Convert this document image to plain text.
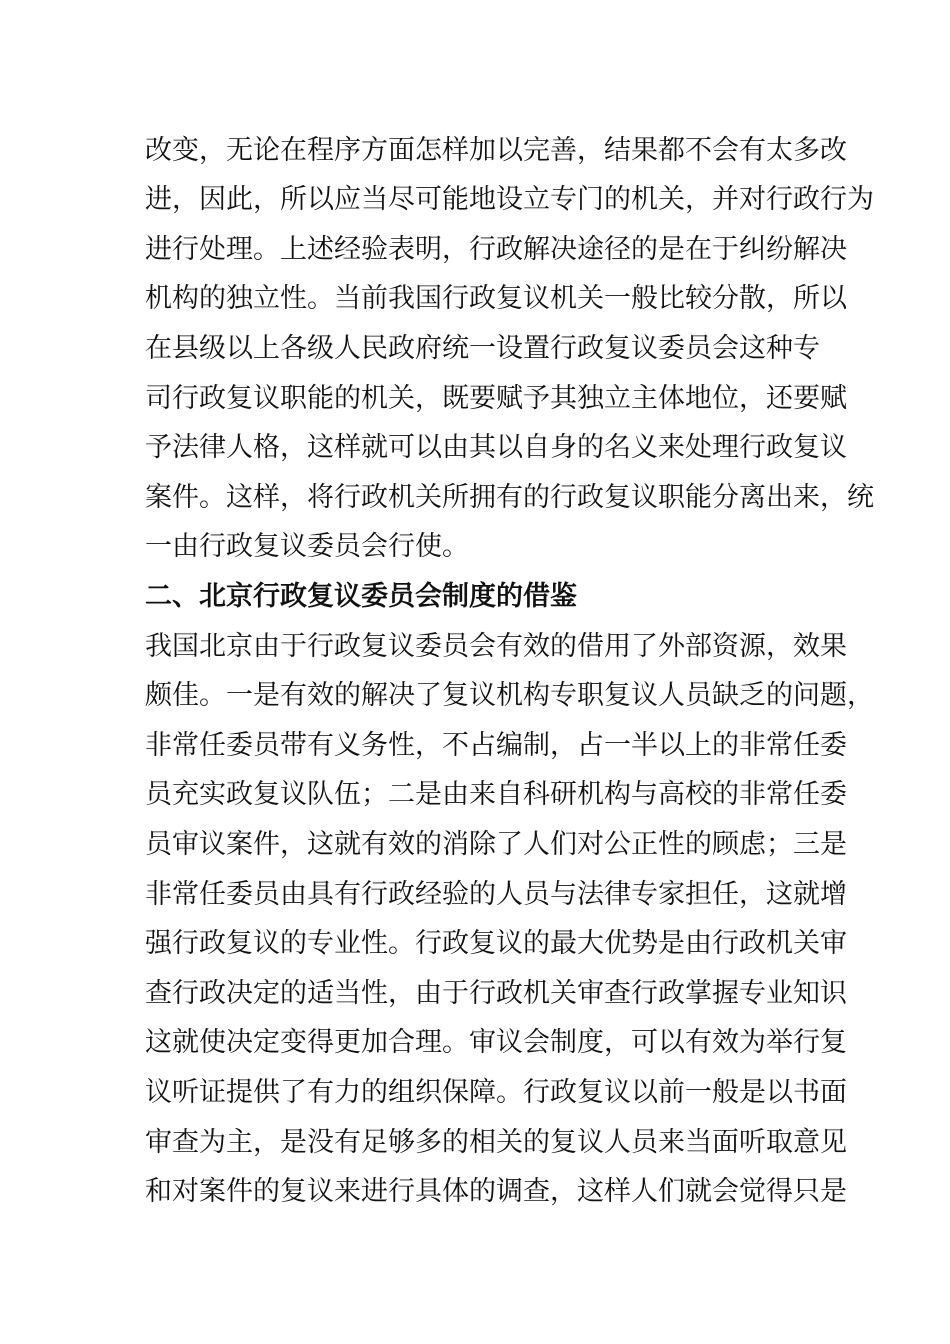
改变，无论在程序方面怎样加以完善，结果都不会有太多改
进，因此，所以应当尽可能地设立专门的机关，并对行政行为
进行处理。上述经验表明，行政解决途径的是在于纠纷解决
机构的独立性。当前我国行政复议机关一般比较分散，所以
在县级以上各级人民政府统一设置行政复议委员会这种专
司行政复议职能的机关，既要赋予其独立主体地位，还要赋
予法律人格，这样就可以由其以自身的名义来处理行政复议
案件。这样，将行政机关所拥有的行政复议职能分离出来，统
一由行政复议委员会行使。
二、北京行政复议委员会制度的借鉴
我国北京由于行政复议委员会有效的借用了外部资源，效果
颇佳。一是有效的解决了复议机构专职复议人员缺乏的问题，
非常任委员带有义务性，不占编制，占一半以上的非常任委
员充实政复议队伍；二是由来自科研机构与高校的非常任委
员审议案件，这就有效的消除了人们对公正性的顾虑；三是
非常任委员由具有行政经验的人员与法律专家担任，这就增
强行政复议的专业性。行政复议的最大优势是由行政机关审
查行政决定的适当性，由于行政机关审查行政掌握专业知识
这就使决定变得更加合理。审议会制度，可以有效为举行复
议听证提供了有力的组织保障。行政复议以前一般是以书面
审查为主，是没有足够多的相关的复议人员来当面听取意见
和对案件的复议来进行具体的调查，这样人们就会觉得只是
